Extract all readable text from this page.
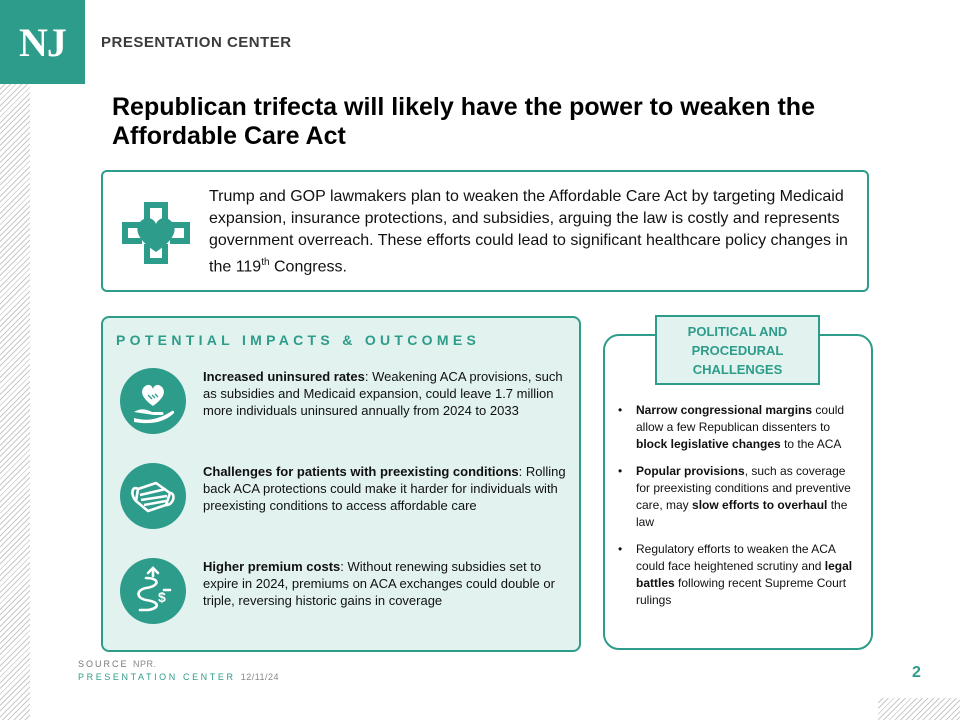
NJ	PRESENTATION CENTER
Republican trifecta will likely have the power to weaken the Affordable Care Act
Trump and GOP lawmakers plan to weaken the Affordable Care Act by targeting Medicaid expansion, insurance protections, and subsidies, arguing the law is costly and represents government overreach. These efforts could lead to significant healthcare policy changes in the 119th Congress.
POTENTIAL IMPACTS & OUTCOMES
Increased uninsured rates: Weakening ACA provisions, such as subsidies and Medicaid expansion, could leave 1.7 million more individuals uninsured annually from 2024 to 2033
Challenges for patients with preexisting conditions: Rolling back ACA protections could make it harder for individuals with preexisting conditions to access affordable care
$
Higher premium costs: Without renewing subsidies set to expire in 2024, premiums on ACA exchanges could double or triple, reversing historic gains in coverage
POLITICAL AND PROCEDURAL CHALLENGES
• Narrow congressional margins could allow a few Republican dissenters to block legislative changes to the ACA
• Popular provisions, such as coverage for preexisting conditions and preventive care, may slow efforts to overhaul the law
• Regulatory efforts to weaken the ACA could face heightened scrutiny and legal battles following recent Supreme Court rulings
SOURCE NPR.
PRESENTATION CENTER 12/11/24	2
